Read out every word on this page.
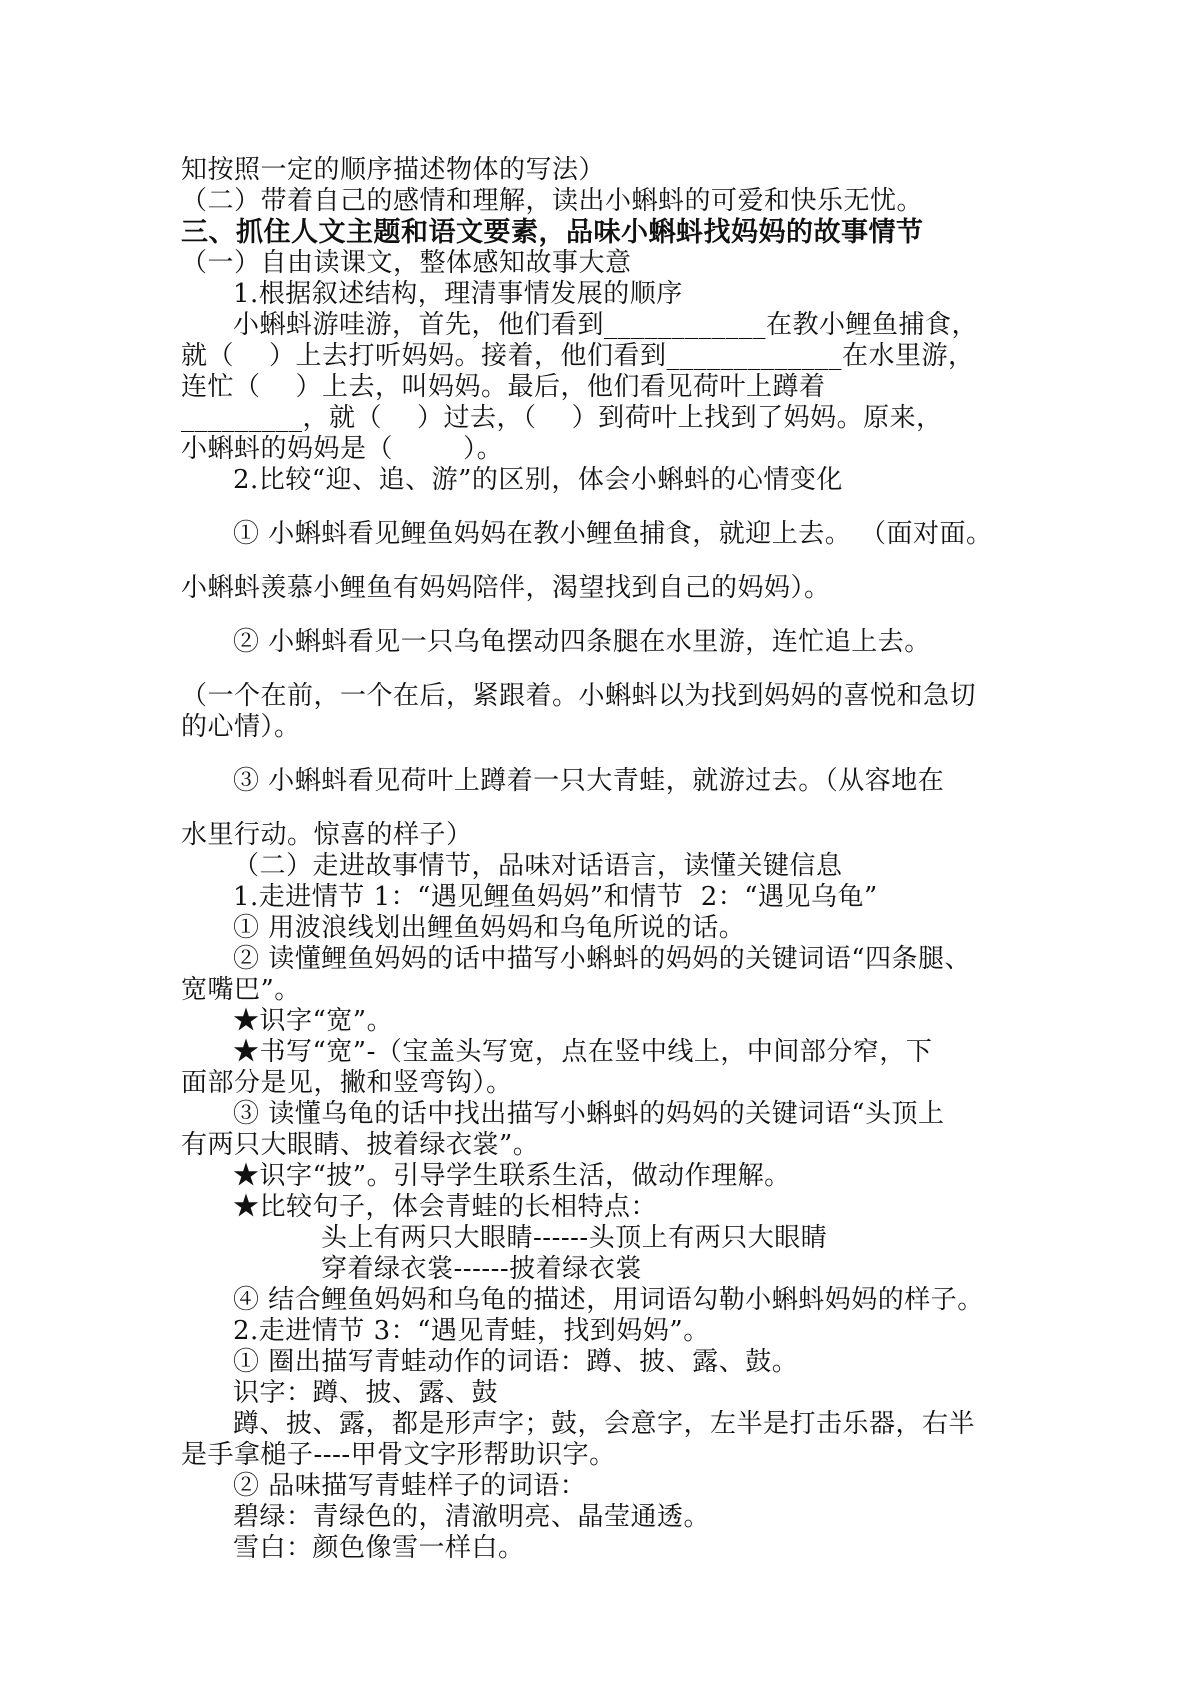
知按照一定的顺序描述物体的写法）
（二）带着自己的感情和理解，读出小蝌蚪的可爱和快乐无忧。
三、抓住人文主题和语文要素，品味小蝌蚪找妈妈的故事情节
（一）自由读课文，整体感知故事大意
1.根据叙述结构，理清事情发展的顺序
小蝌蚪游哇游，首先，他们看到____________在教小鲤鱼捕食，
就（    ）上去打听妈妈。接着，他们看到_____________在水里游，
连忙（    ）上去，叫妈妈。最后，他们看见荷叶上蹲着
_________，就（    ）过去，（    ）到荷叶上找到了妈妈。原来，
小蝌蚪的妈妈是（        ）。
2.比较“迎、追、游”的区别，体会小蝌蚪的心情变化
① 小蝌蚪看见鲤鱼妈妈在教小鲤鱼捕食，就迎上去。 （面对面。
小蝌蚪羡慕小鲤鱼有妈妈陪伴，渴望找到自己的妈妈）。
② 小蝌蚪看见一只乌龟摆动四条腿在水里游，连忙追上去。
（一个在前，一个在后，紧跟着。小蝌蚪以为找到妈妈的喜悦和急切
的心情）。
③ 小蝌蚪看见荷叶上蹲着一只大青蛙，就游过去。（从容地在
水里行动。惊喜的样子）
（二）走进故事情节，品味对话语言，读懂关键信息
1.走进情节 1：“遇见鲤鱼妈妈”和情节  2：“遇见乌龟”
① 用波浪线划出鲤鱼妈妈和乌龟所说的话。
② 读懂鲤鱼妈妈的话中描写小蝌蚪的妈妈的关键词语“四条腿、
宽嘴巴”。
★识字“宽”。
★书写“宽”-（宝盖头写宽，点在竖中线上，中间部分窄，下
面部分是见，撇和竖弯钩）。
③ 读懂乌龟的话中找出描写小蝌蚪的妈妈的关键词语“头顶上
有两只大眼睛、披着绿衣裳”。
★识字“披”。引导学生联系生活，做动作理解。
★比较句子，体会青蛙的长相特点：
头上有两只大眼睛------头顶上有两只大眼睛
穿着绿衣裳------披着绿衣裳
④ 结合鲤鱼妈妈和乌龟的描述，用词语勾勒小蝌蚪妈妈的样子。
2.走进情节 3：“遇见青蛙，找到妈妈”。
① 圈出描写青蛙动作的词语：蹲、披、露、鼓。
识字：蹲、披、露、鼓
蹲、披、露，都是形声字；鼓，会意字，左半是打击乐器，右半
是手拿槌子----甲骨文字形帮助识字。
② 品味描写青蛙样子的词语：
碧绿：青绿色的，清澈明亮、晶莹通透。
雪白：颜色像雪一样白。
